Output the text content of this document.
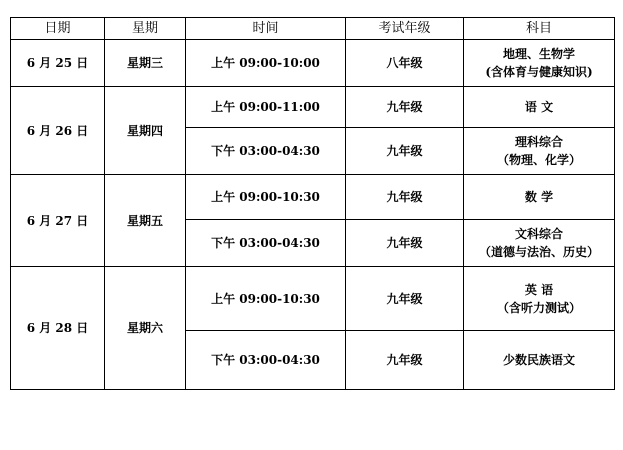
日期	星期	时间	考试年级	科目
6 月 25 日	星期三	上午 09:00-10:00	八年级	地理、生物学
(含体育与健康知识)

6 月 26 日	星期四	上午 09:00-11:00	九年级	语 文

		下午 03:00-04:30	九年级	理科综合
（物理、化学）

6 月 27 日	星期五	上午 09:00-10:30	九年级	数 学

		下午 03:00-04:30	九年级	文科综合
（道德与法治、历史）

6 月 28 日	星期六	上午 09:00-10:30	九年级	英 语
（含听力测试）

		下午 03:00-04:30	九年级	少数民族语文
